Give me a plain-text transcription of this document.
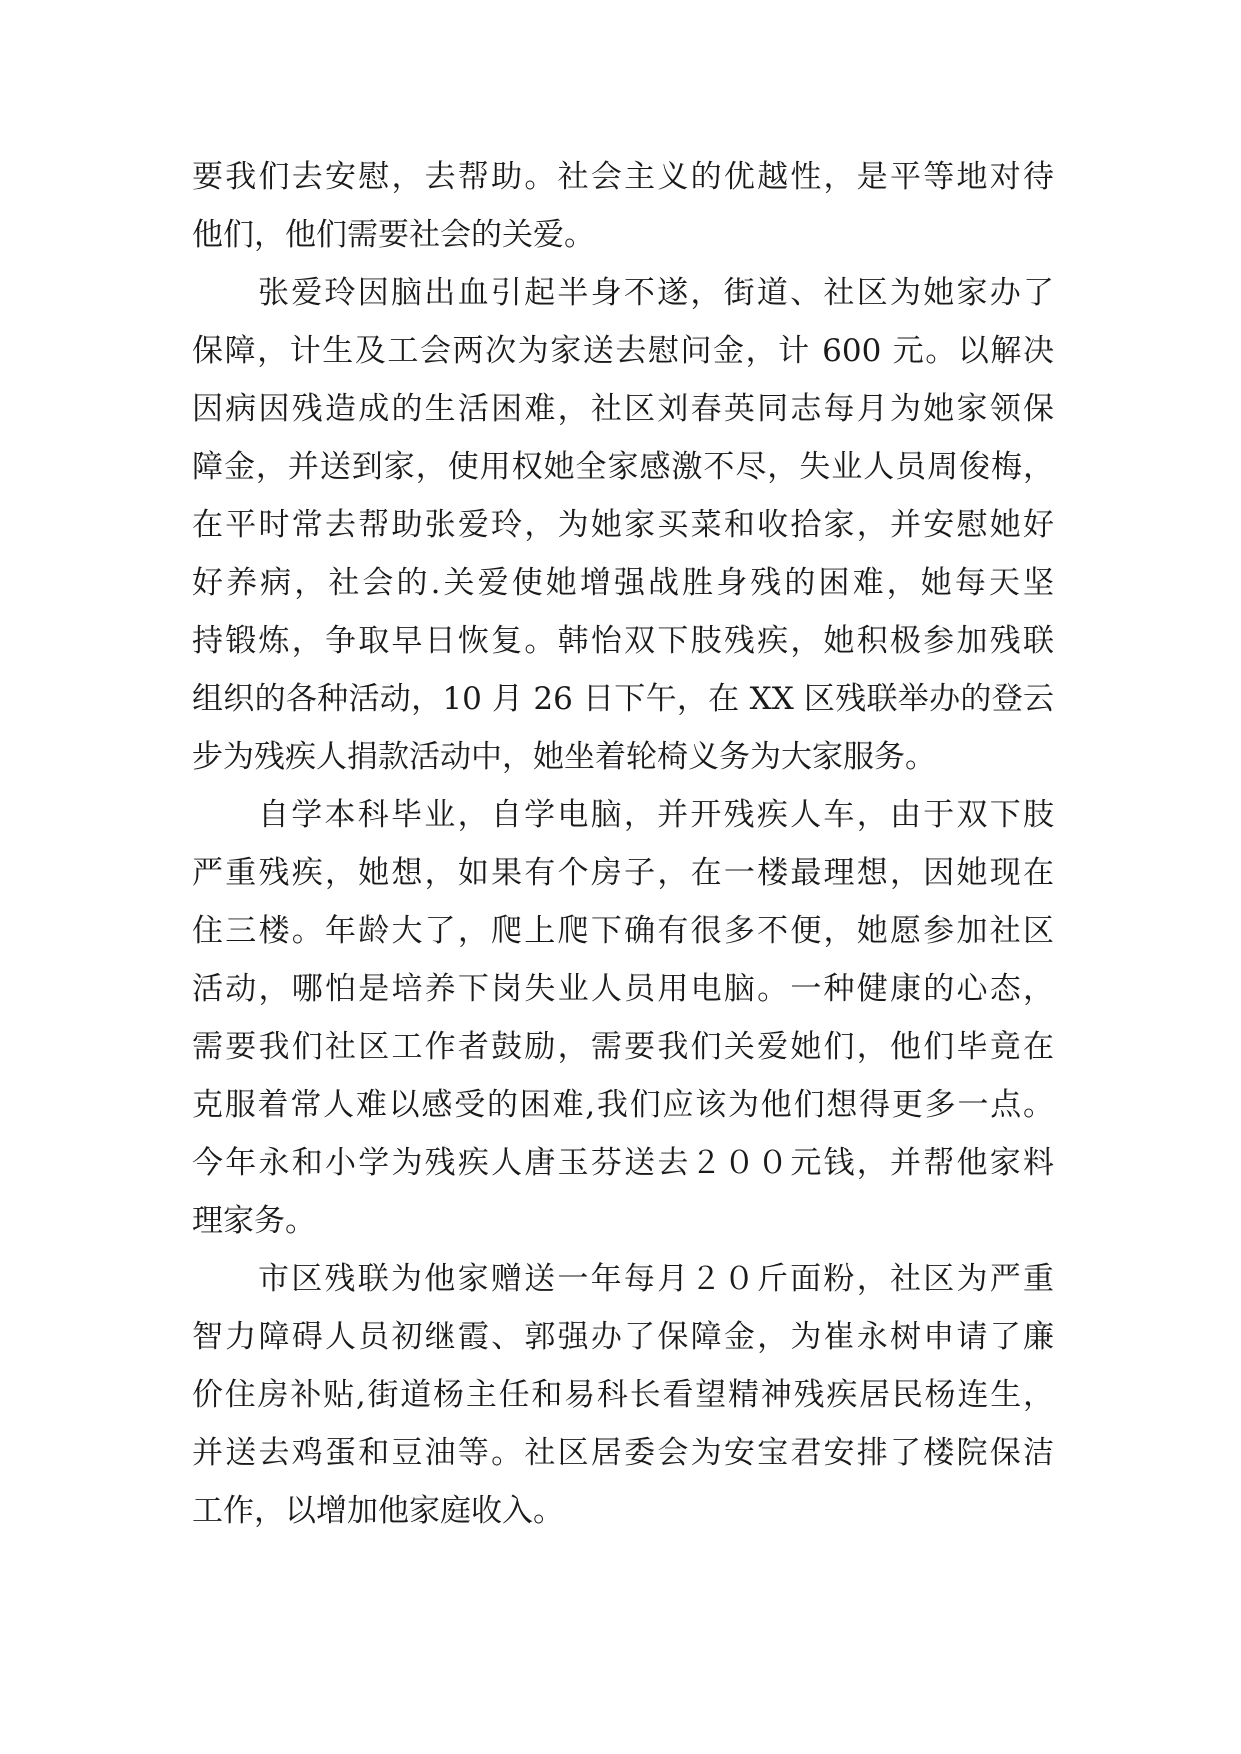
要我们去安慰，去帮助。社会主义的优越性，是平等地对待
他们，他们需要社会的关爱。
张爱玲因脑出血引起半身不遂，街道、社区为她家办了
保障，计生及工会两次为家送去慰问金，计 600 元。以解决
因病因残造成的生活困难，社区刘春英同志每月为她家领保
障金，并送到家，使用权她全家感激不尽，失业人员周俊梅，
在平时常去帮助张爱玲，为她家买菜和收拾家，并安慰她好
好养病，社会的.关爱使她增强战胜身残的困难，她每天坚
持锻炼，争取早日恢复。韩怡双下肢残疾，她积极参加残联
组织的各种活动，10 月 26 日下午，在 XX 区残联举办的登云
步为残疾人捐款活动中，她坐着轮椅义务为大家服务。
自学本科毕业，自学电脑，并开残疾人车，由于双下肢
严重残疾，她想，如果有个房子，在一楼最理想，因她现在
住三楼。年龄大了，爬上爬下确有很多不便，她愿参加社区
活动，哪怕是培养下岗失业人员用电脑。一种健康的心态，
需要我们社区工作者鼓励，需要我们关爱她们，他们毕竟在
克服着常人难以感受的困难,我们应该为他们想得更多一点。
今年永和小学为残疾人唐玉芬送去２００元钱，并帮他家料
理家务。
市区残联为他家赠送一年每月２０斤面粉，社区为严重
智力障碍人员初继霞、郭强办了保障金，为崔永树申请了廉
价住房补贴,街道杨主任和易科长看望精神残疾居民杨连生，
并送去鸡蛋和豆油等。社区居委会为安宝君安排了楼院保洁
工作，以增加他家庭收入。
